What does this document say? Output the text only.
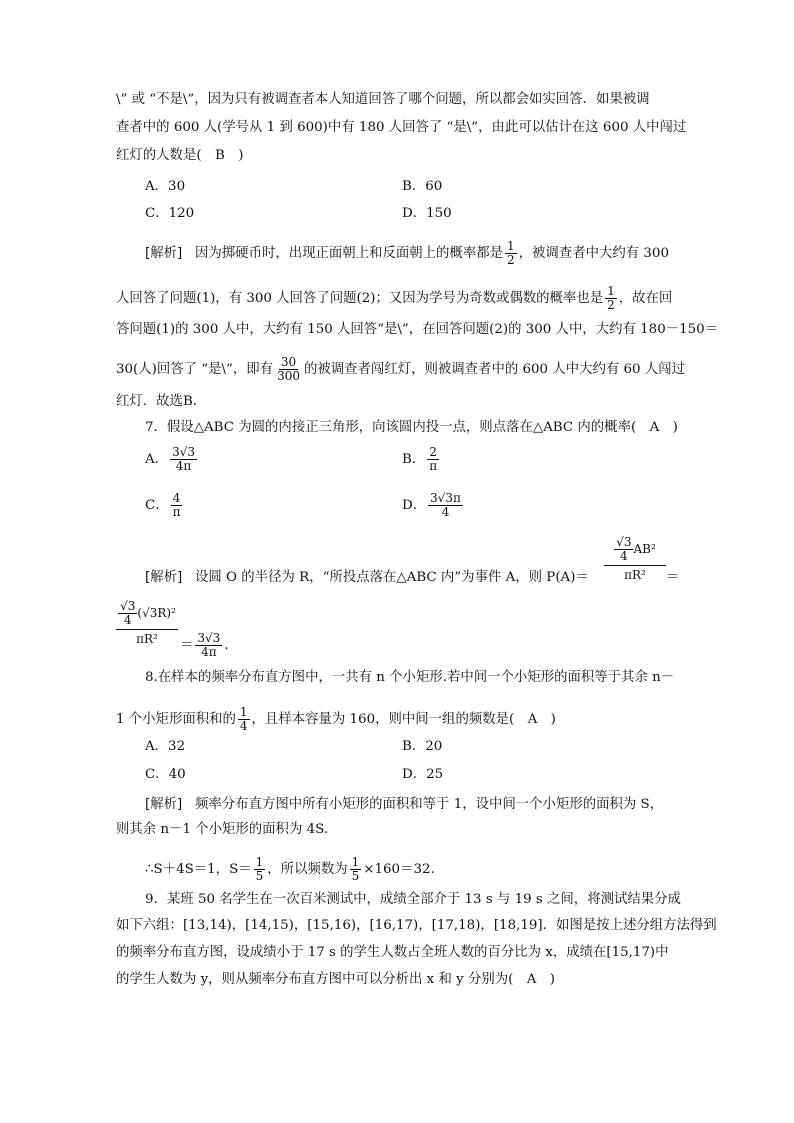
\” 或 “不是\”，因为只有被调查者本人知道回答了哪个问题，所以都会如实回答．如果被调
查者中的 600 人(学号从 1 到 600)中有 180 人回答了 “是\”，由此可以估计在这 600 人中闯过
红灯的人数是(　B　)
A．30	B．60
C．120	D．150
[解析] 因为掷硬币时，出现正面朝上和反面朝上的概率都是 $\frac{1}{2}$ ，被调查者中大约有 300
人回答了问题(1)，有 300 人回答了问题(2)；又因为学号为奇数或偶数的概率也是 $\frac{1}{2}$ ，故在回
答问题(1)的 300 人中，大约有 150 人回答“是\”，在回答问题(2)的 300 人中，大约有 180－150＝
30(人)回答了 “是\”，即有 $\frac{30}{300}$ 的被调查者闯红灯，则被调查者中的 600 人中大约有 60 人闯过
红灯．故选B．
7．假设△ABC 为圆的内接正三角形，向该圆内投一点，则点落在△ABC 内的概率(　A　)
A． $\frac{3√3}{4\pi}$	B． $\frac{2}{\pi}$
C． $\frac{4}{\pi}$	D． $\frac{3√3\pi}{4}$
[解析] 设圆 O 的半径为 R，“所投点落在△ABC 内”为事件 A，则 P(A)＝
$\frac{√3}{4} AB^2$
πR²	＝
$\frac{√3}{4} (√3R)^2$
πR²	＝ $\frac{3√3}{4\pi}$ .
8.在样本的频率分布直方图中，一共有 n 个小矩形.若中间一个小矩形的面积等于其余 n－
1 个小矩形面积和的 $\frac{1}{4}$ ，且样本容量为 160，则中间一组的频数是(　A　)
A．32	B．20
C．40	D．25
[解析] 频率分布直方图中所有小矩形的面积和等于 1，设中间一个小矩形的面积为 S，
则其余 n－1 个小矩形的面积为 4S.
∴S＋4S＝1，$S= \frac{1}{5}$ ，所以频数为 $\frac{1}{5} \times 160=32$.
9．某班 50 名学生在一次百米测试中，成绩全部介于 13 s 与 19 s 之间，将测试结果分成
如下六组：[13,14)，[14,15)，[15,16)，[16,17)，[17,18)，[18,19]．如图是按上述分组方法得到
的频率分布直方图，设成绩小于 17 s 的学生人数占全班人数的百分比为 x，成绩在[15,17)中
的学生人数为 y，则从频率分布直方图中可以分析出 x 和 y 分别为(　A　)
